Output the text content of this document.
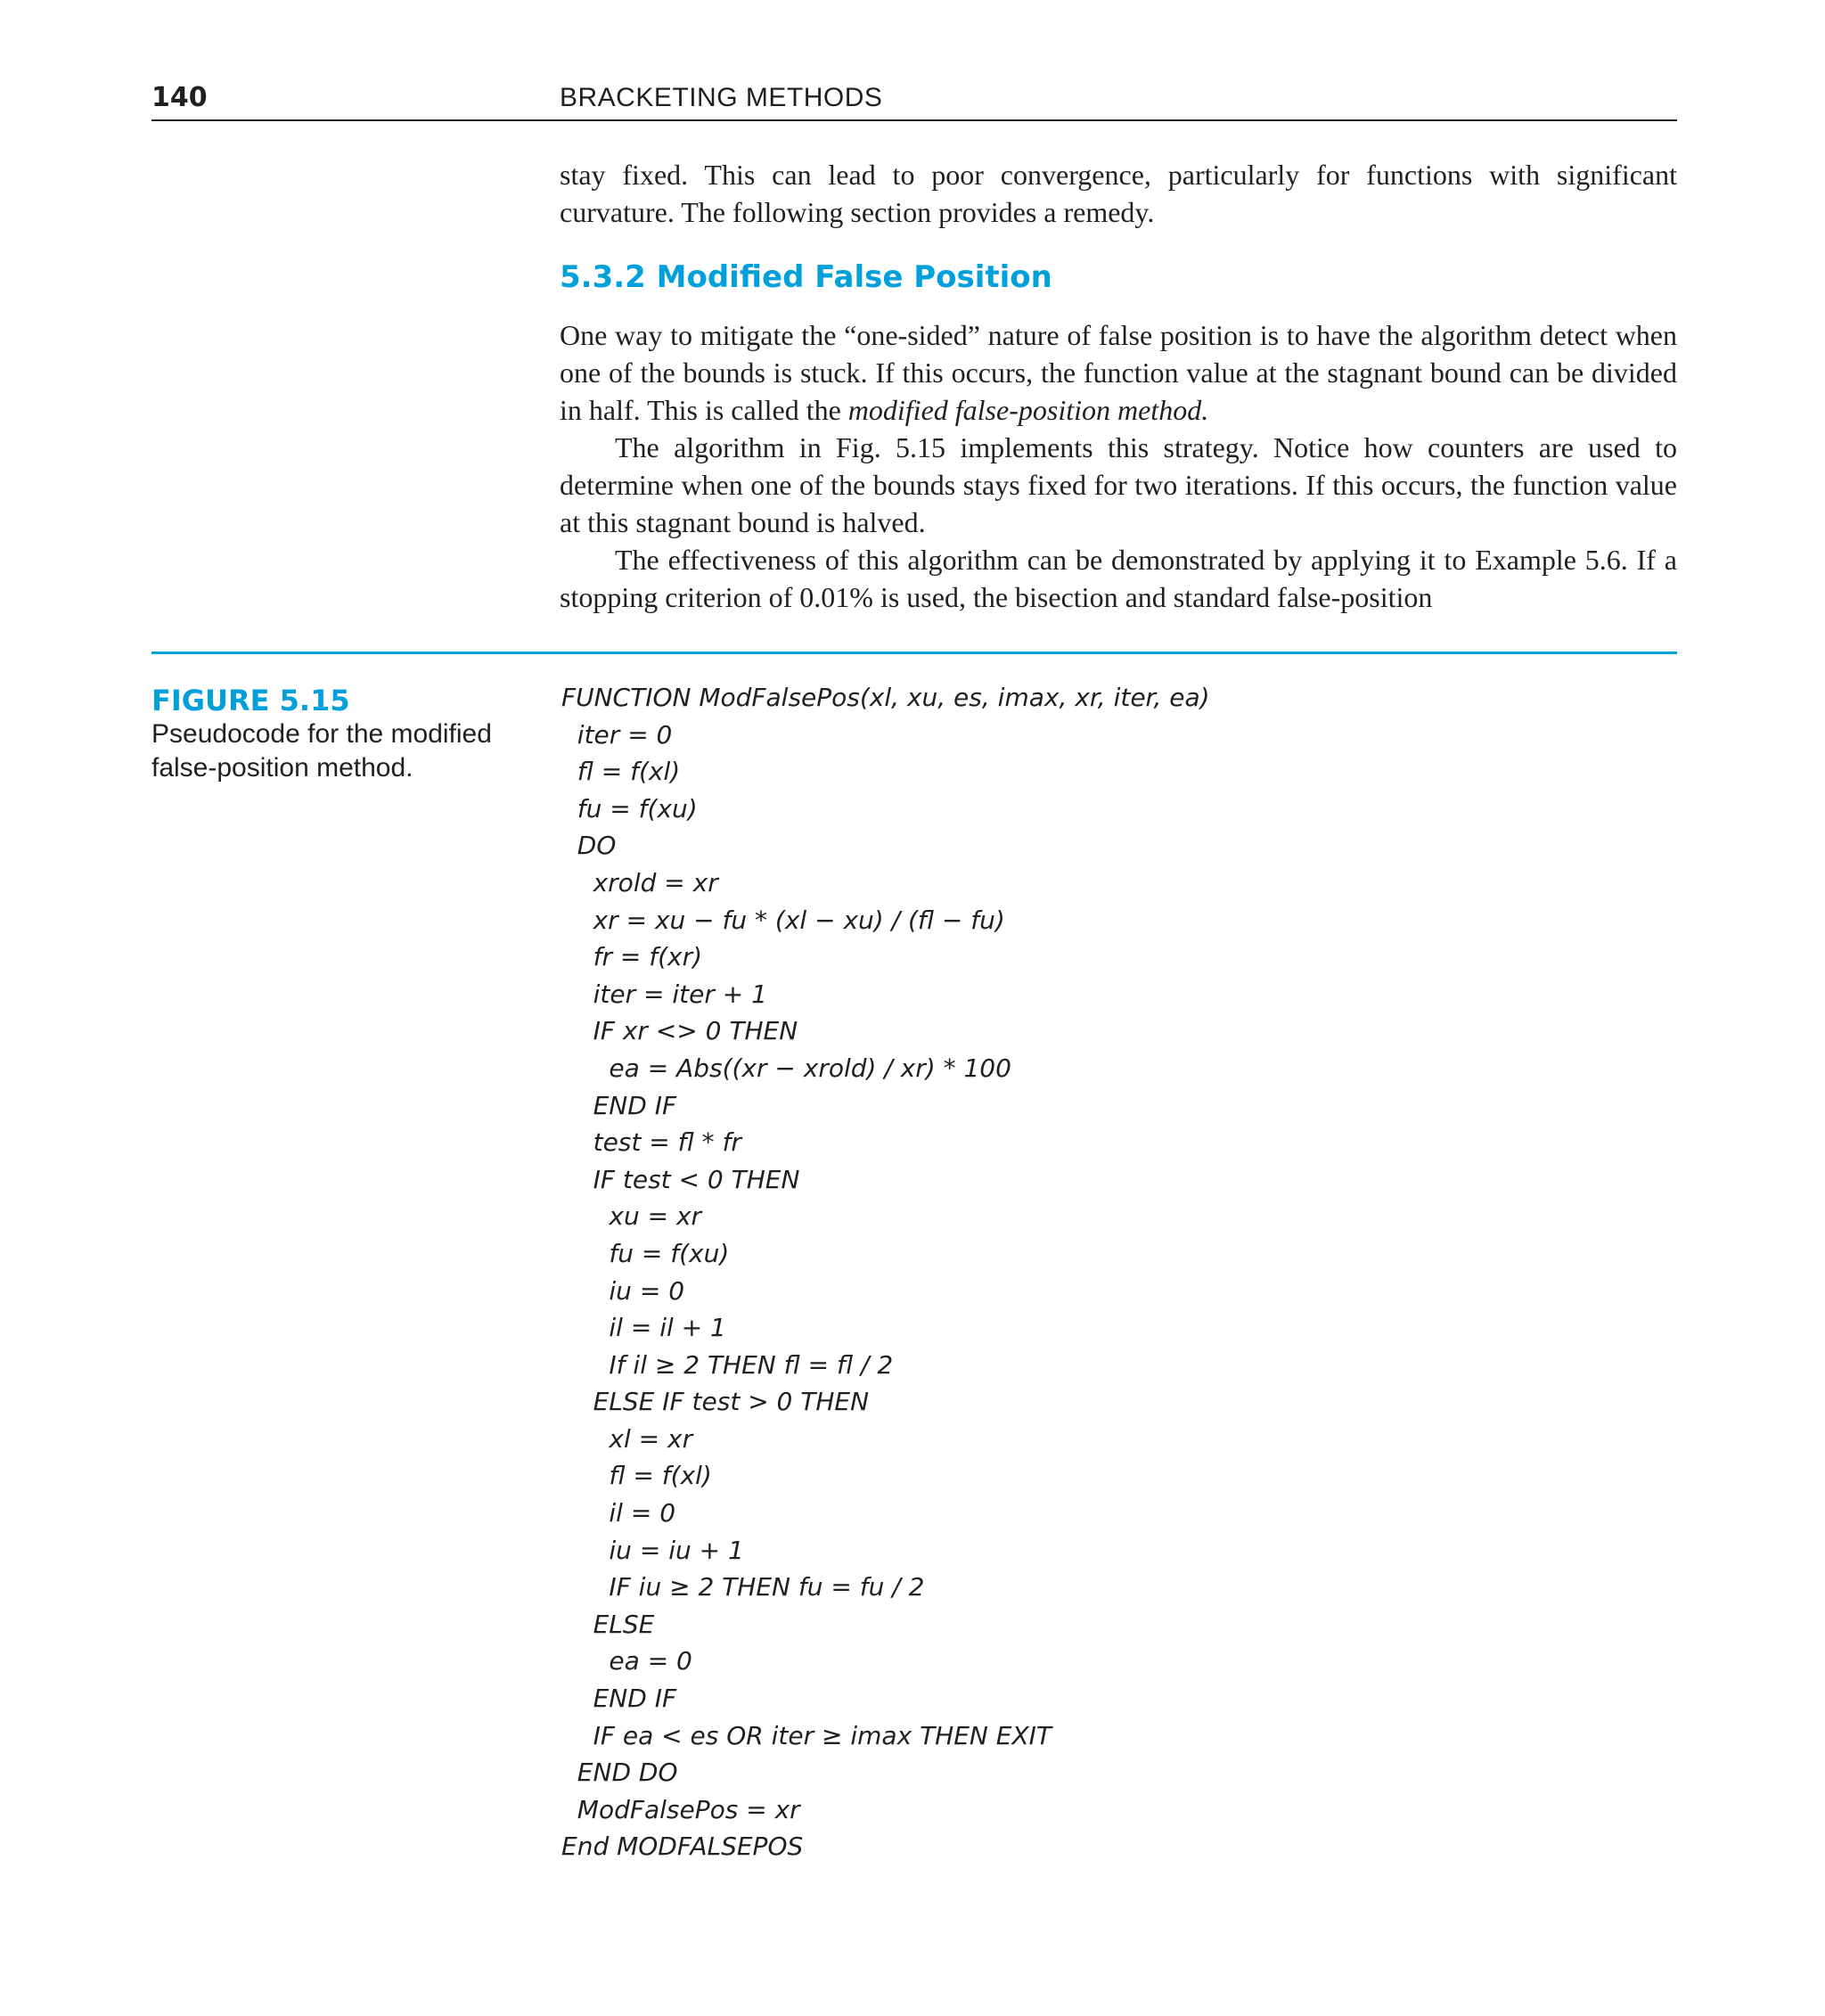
140	BRACKETING METHODS

stay fixed. This can lead to poor convergence, particularly for functions with significant curvature. The following section provides a remedy.

5.3.2 Modified False Position

One way to mitigate the “one-sided” nature of false position is to have the algorithm detect when one of the bounds is stuck. If this occurs, the function value at the stagnant bound can be divided in half. This is called the modified false-position method.

The algorithm in Fig. 5.15 implements this strategy. Notice how counters are used to determine when one of the bounds stays fixed for two iterations. If this occurs, the function value at this stagnant bound is halved.

The effectiveness of this algorithm can be demonstrated by applying it to Example 5.6. If a stopping criterion of 0.01% is used, the bisection and standard false-position

FIGURE 5.15
Pseudocode for the modified false-position method.
FUNCTION ModFalsePos(xl, xu, es, imax, xr, iter, ea)
iter = 0
fl = f(xl)
fu = f(xu)
DO
xrold = xr
xr = xu − fu * (xl − xu) / (fl − fu)
fr = f(xr)
iter = iter + 1
IF xr <> 0 THEN
ea = Abs((xr − xrold) / xr) * 100
END IF
test = fl * fr
IF test < 0 THEN
xu = xr
fu = f(xu)
iu = 0
il = il + 1
If il ≥ 2 THEN fl = fl / 2
ELSE IF test > 0 THEN
xl = xr
fl = f(xl)
il = 0
iu = iu + 1
IF iu ≥ 2 THEN fu = fu / 2
ELSE
ea = 0
END IF
IF ea < es OR iter ≥ imax THEN EXIT
END DO
ModFalsePos = xr
End MODFALSEPOS
